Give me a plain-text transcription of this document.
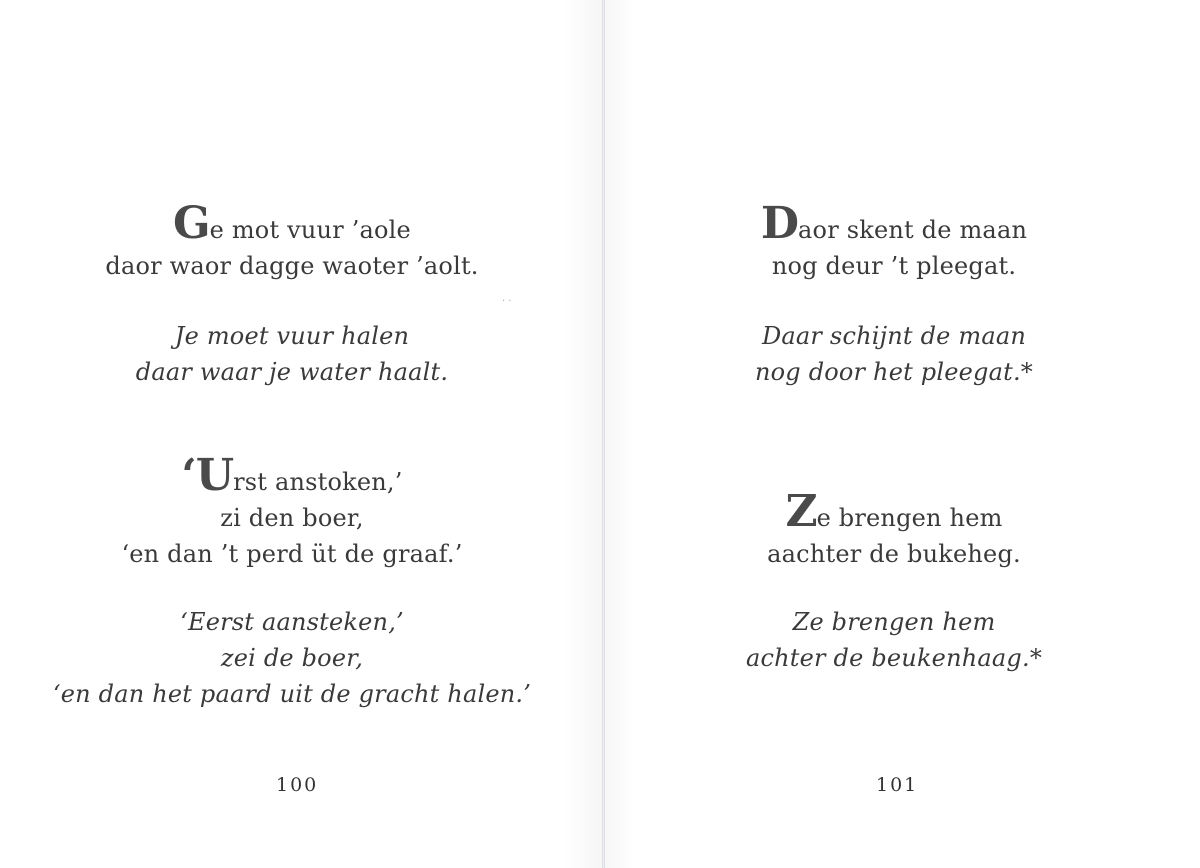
Ge mot vuur ’aole
daor waor dagge waoter ’aolt.
Je moet vuur halen
daar waar je water haalt.
· ·
‘Urst anstoken,’
zi den boer,
‘en dan ’t perd üt de graaf.’
‘Eerst aansteken,’
zei de boer,
‘en dan het paard uit de gracht halen.’
100
Daor skent de maan
nog deur ’t pleegat.
Daar schijnt de maan
nog door het pleegat.*
Ze brengen hem
aachter de bukeheg.
Ze brengen hem
achter de beukenhaag.*
101
